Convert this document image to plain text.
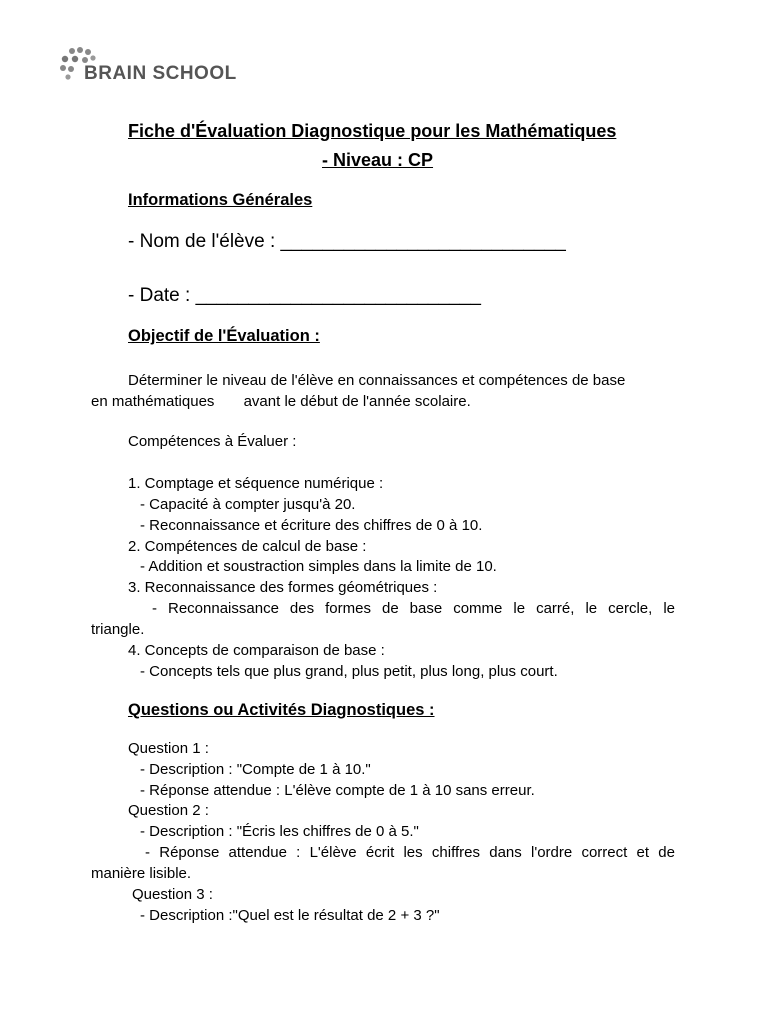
BRAIN SCHOOL
Fiche d'Évaluation Diagnostique pour les Mathématiques
- Niveau : CP
Informations Générales
- Nom de l'élève : ___________________________
- Date : ___________________________
Objectif de l'Évaluation :
Déterminer le niveau de l'élève en connaissances et compétences de base
en mathématiques       avant le début de l'année scolaire.
Compétences à Évaluer :
1. Comptage et séquence numérique :
- Capacité à compter jusqu'à 20.
- Reconnaissance et écriture des chiffres de 0 à 10.
2. Compétences de calcul de base :
- Addition et soustraction simples dans la limite de 10.
3. Reconnaissance des formes géométriques :
- Reconnaissance des formes de base comme le carré, le cercle, le
triangle.
4. Concepts de comparaison de base :
- Concepts tels que plus grand, plus petit, plus long, plus court.
Questions ou Activités Diagnostiques :
Question 1 :
- Description : "Compte de 1 à 10."
- Réponse attendue : L'élève compte de 1 à 10 sans erreur.
Question 2 :
- Description : "Écris les chiffres de 0 à 5."
- Réponse attendue : L'élève écrit les chiffres dans l'ordre correct et de
manière lisible.
Question 3 :
- Description :"Quel est le résultat de 2 + 3 ?"
